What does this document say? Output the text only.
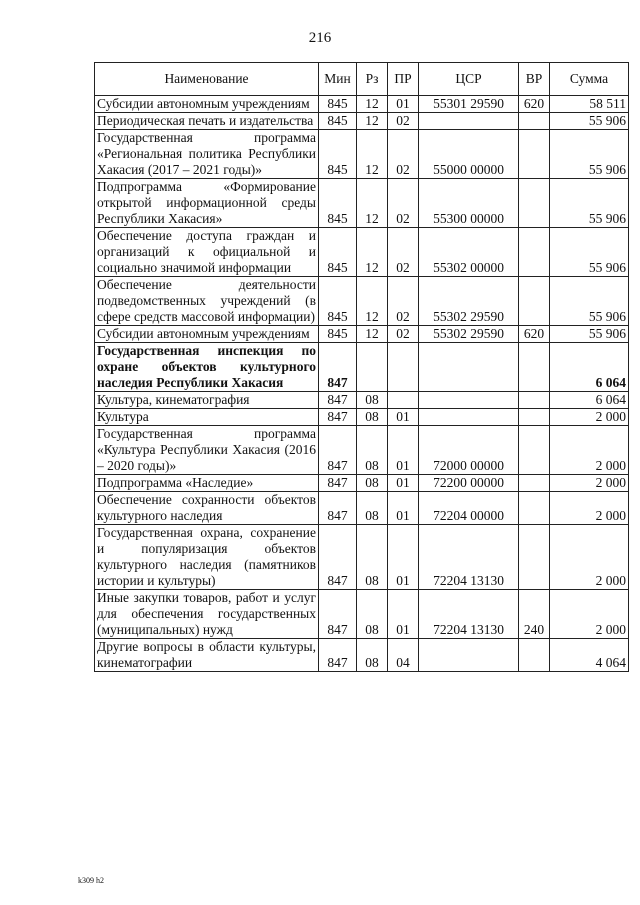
216
Наименование	Мин	Рз	ПР	ЦСР	ВР	Сумма
Субсидии автономным учреждениям	845	12	01	55301 29590	620	58 511
Периодическая печать и издательства	845	12	02			55 906
Государственная программа «Региональная политика Республики Хакасия (2017 – 2021 годы)»	845	12	02	55000 00000		55 906
Подпрограмма «Формирование открытой информационной среды Республики Хакасия»	845	12	02	55300 00000		55 906
Обеспечение доступа граждан и организаций к официальной и социально значимой информации	845	12	02	55302 00000		55 906
Обеспечение деятельности подведомственных учреждений (в сфере средств массовой информации)	845	12	02	55302 29590		55 906
Субсидии автономным учреждениям	845	12	02	55302 29590	620	55 906
Государственная инспекция по охране объектов культурного наследия Республики Хакасия	847					6 064
Культура, кинематография	847	08				6 064
Культура	847	08	01			2 000
Государственная программа «Культура Республики Хакасия (2016 – 2020 годы)»	847	08	01	72000 00000		2 000
Подпрограмма «Наследие»	847	08	01	72200 00000		2 000
Обеспечение сохранности объектов культурного наследия	847	08	01	72204 00000		2 000
Государственная охрана, сохранение и популяризация объектов культурного наследия (памятников истории и культуры)	847	08	01	72204 13130		2 000
Иные закупки товаров, работ и услуг для обеспечения государственных (муниципальных) нужд	847	08	01	72204 13130	240	2 000
Другие вопросы в области культуры, кинематографии	847	08	04			4 064
k309 h2
